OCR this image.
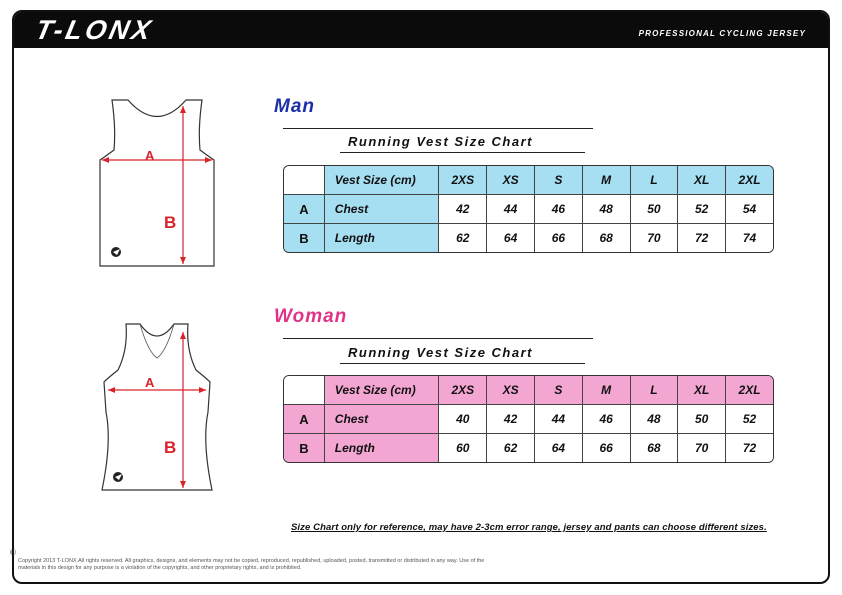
T-LONX	PROFESSIONAL CYCLING JERSEY
A
B
A
B
Man
Running Vest Size Chart
	Vest Size (cm)	2XS	XS	S	M	L	XL	2XL
A	Chest	42	44	46	48	50	52	54
B	Length	62	64	66	68	70	72	74
Woman
Running Vest Size Chart
	Vest Size (cm)	2XS	XS	S	M	L	XL	2XL
A	Chest	40	42	44	46	48	50	52
B	Length	60	62	64	66	68	70	72
Size Chart only for reference, may have 2-3cm error range, jersey and pants can choose different sizes.
©
Copyright 2013 T-LONX.All rights reserved. All graphics, designs, and elements may not be copied, reproduced, republished, uploaded, posted, transmitted or distributed in any way. Use of the materials in this design for any purpose is a violation of the copyrights, and other proprietary rights, and is prohibited.
